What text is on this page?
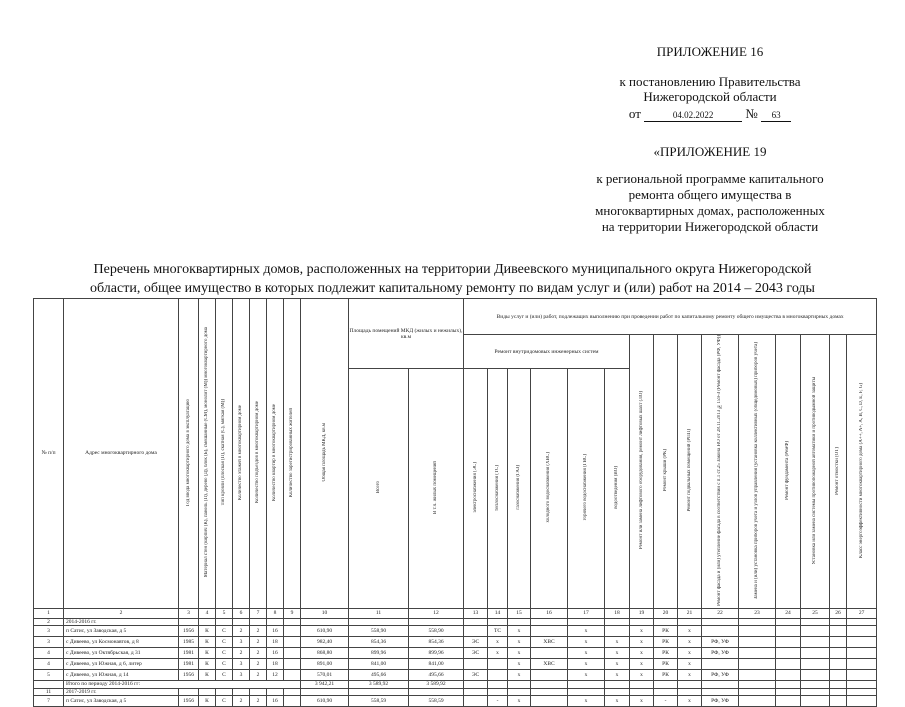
ПРИЛОЖЕНИЕ 16
к постановлению Правительства
Нижегородской области
от	04.02.2022 № 63
«ПРИЛОЖЕНИЕ 19
к региональной программе капитального
ремонта общего имущества в
многоквартирных домах, расположенных
на территории Нижегородской области
Перечень многоквартирных домов, расположенных на территории Дивеевского муниципального округа Нижегородской
области, общее имущество в которых подлежит капитальному ремонту по видам услуг и (или) работ на 2014 – 2043 годы
№ п/п	Адрес многоквартирного дома	Год ввода многоквартирного дома в эксплуатацию	Материал стен (кирпич (К), панель (П), дерево (Д), блок (Б), смешанные (СМ), монолит (М)) многоквартирного дома	Тип кровли (плоская (П), скатная (С), мягкая (М))	Количество этажей в многоквартирном доме	Количество подъездов в многоквартирном доме	Количество квартир в многоквартирном доме	Количество зарегистрированных жителей	Общая площадь МКД, кв.м	Площадь помещений МКД (жилых и нежилых), кв.м		Виды услуг и (или) работ, подлежащих выполнению при проведении работ по капитальному ремонту общего имущества в многоквартирных домах														
												Ремонт внутридомовых инженерных систем						Ремонт или замена лифтового оборудования, ремонт лифтовых шахт (ЛО)	Ремонт крыши (РК)	Ремонт подвальных помещений (РПП)	Ремонт фасада и (или) утепление фасада в соответствии с п.1 ст.25 Закона НО от 28.11.2013 №159-З (Ремонт фасада (РФ, УФ))	Замена и (или) установка приборов учета и узлов управления (установка коллективных (общедомовых) приборов учета)	Ремонт фундамента (РемФ)	Установка или замена системы противопожарной автоматики и противодымной защиты	Ремонт отмостки (ОТ)	Класс энергоэффективности многоквартирного дома (A++, A+, A, B, C, D, E, F, G)
										Всего	В т.ч. жилых помещений	электроснабжения (ЭС)	теплоснабжения (ТС)	газоснабжения (ГАЗ)	холодного водоснабжения (ХВС)	горячего водоснабжения (ГВС)	водоотведения (ВО)									
1	2	3	4	5	6	7	8	9	10	11	12	13	14	15	16	17	18	19	20	21	22	23	24	25	26	27
2	2014-2016 гг.																									
3	п Сатис, ул Заводская, д 5	1956	К	С	2	2	16		610,90	558,90	558,90		ТС	х		х		х	РК	х						
3	с Дивеево, ул Космонавтов, д 8	1985	К	С	3	2	18		982,40	854,36	854,36	ЭС	х	х	ХВС	х	х	х	РК	х	РФ, УФ					
4	с Дивеево, ул Октябрьская, д 31	1981	К	С	2	2	16		868,80	899,96	899,96	ЭС	х	х		х	х	х	РК	х	РФ, УФ					
4	с Дивеево, ул Южная, д 6, литер	1981	К	С	3	2	18		891,00	841,00	841,00			х	ХВС	х	х	х	РК	х						
5	с Дивеево, ул Южная, д 14	1956	К	С	3	2	12		570,01	495,66	495,66	ЭС		х		х	х	х	РК	х	РФ, УФ					
	Итого по периоду 2014-2016 гг:								3 942,21	3 589,92	3 589,92															
11	2017-2019 гг.																									
7	п Сатис, ул Заводская, д 5	1956	К	С	2	2	16		610,90	558,59	558,59		-	х		х	х	х	-	х	РФ, УФ					
